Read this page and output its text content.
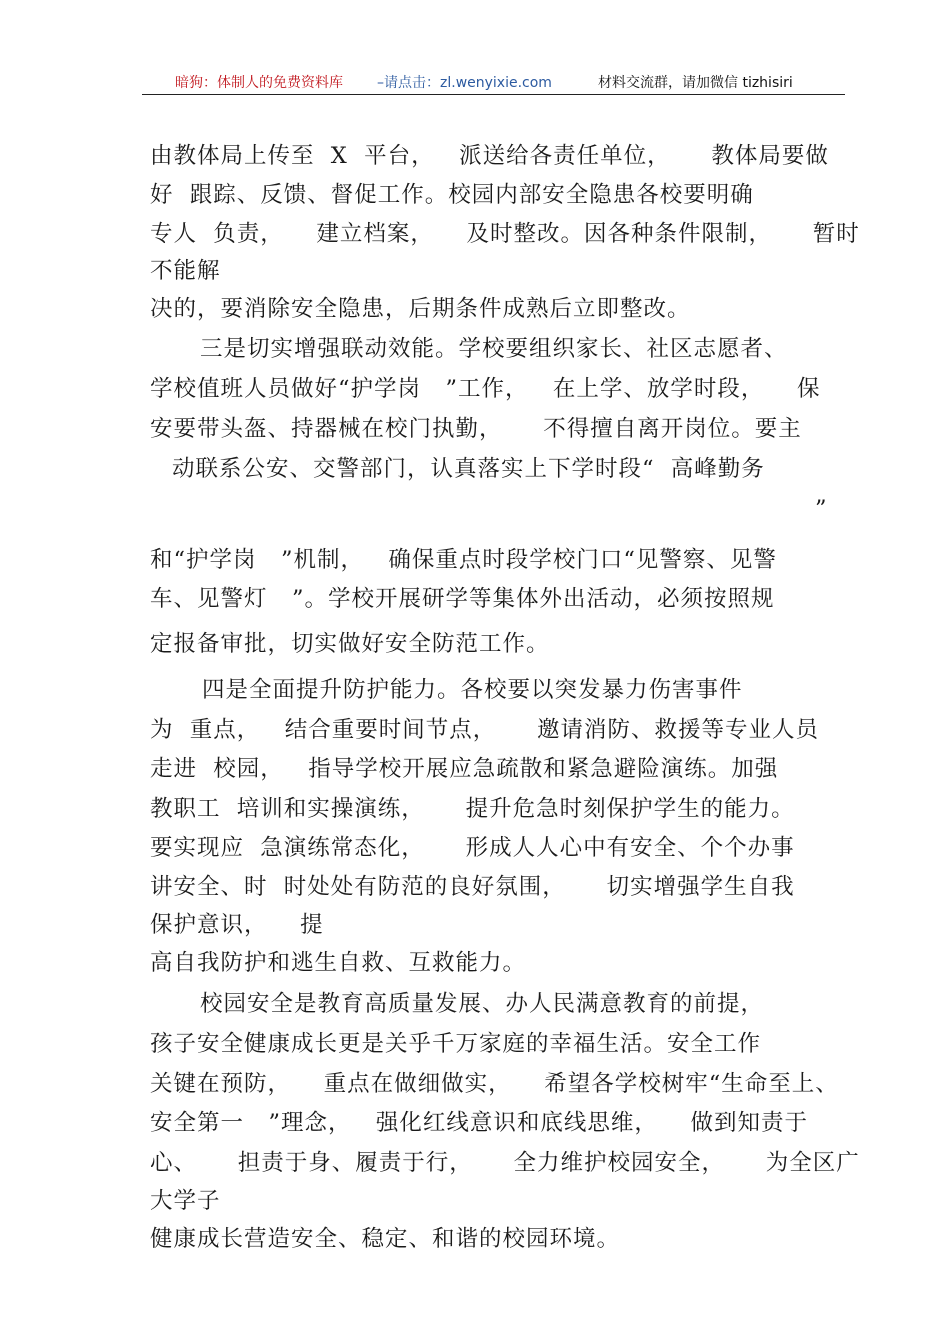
暗狗：体制人的免费资料库 –请点击：zl.wenyixie.com	材料交流群，请加微信 tizhisiri
由教体局上传至  X  平台，   派送给各责任单位，     教体局要做
好  跟踪、反馈、督促工作。校园内部安全隐患各校要明确
专人  负责，    建立档案，    及时整改。因各种条件限制，     暂时
不能解
决的，要消除安全隐患，后期条件成熟后立即整改。
三是切实增强联动效能。学校要组织家长、社区志愿者、
学校值班人员做好“护学岗   ”工作，   在上学、放学时段，    保
安要带头盔、持器械在校门执勤，     不得擅自离开岗位。要主
动联系公安、交警部门，认真落实上下学时段“  高峰勤务
”
和“护学岗   ”机制，   确保重点时段学校门口“见警察、见警
车、见警灯   ”。学校开展研学等集体外出活动，必须按照规
定报备审批，切实做好安全防范工作。
四是全面提升防护能力。各校要以突发暴力伤害事件
为  重点，   结合重要时间节点，     邀请消防、救援等专业人员
走进  校园，   指导学校开展应急疏散和紧急避险演练。加强
教职工  培训和实操演练，     提升危急时刻保护学生的能力。
要实现应  急演练常态化，     形成人人心中有安全、个个办事
讲安全、时  时处处有防范的良好氛围，     切实增强学生自我
保护意识，    提
高自我防护和逃生自救、互救能力。
校园安全是教育高质量发展、办人民满意教育的前提，
孩子安全健康成长更是关乎千万家庭的幸福生活。安全工作
关键在预防，    重点在做细做实，    希望各学校树牢“生命至上、
安全第一   ”理念，   强化红线意识和底线思维，    做到知责于
心、     担责于身、履责于行，     全力维护校园安全，     为全区广
大学子
健康成长营造安全、稳定、和谐的校园环境。
